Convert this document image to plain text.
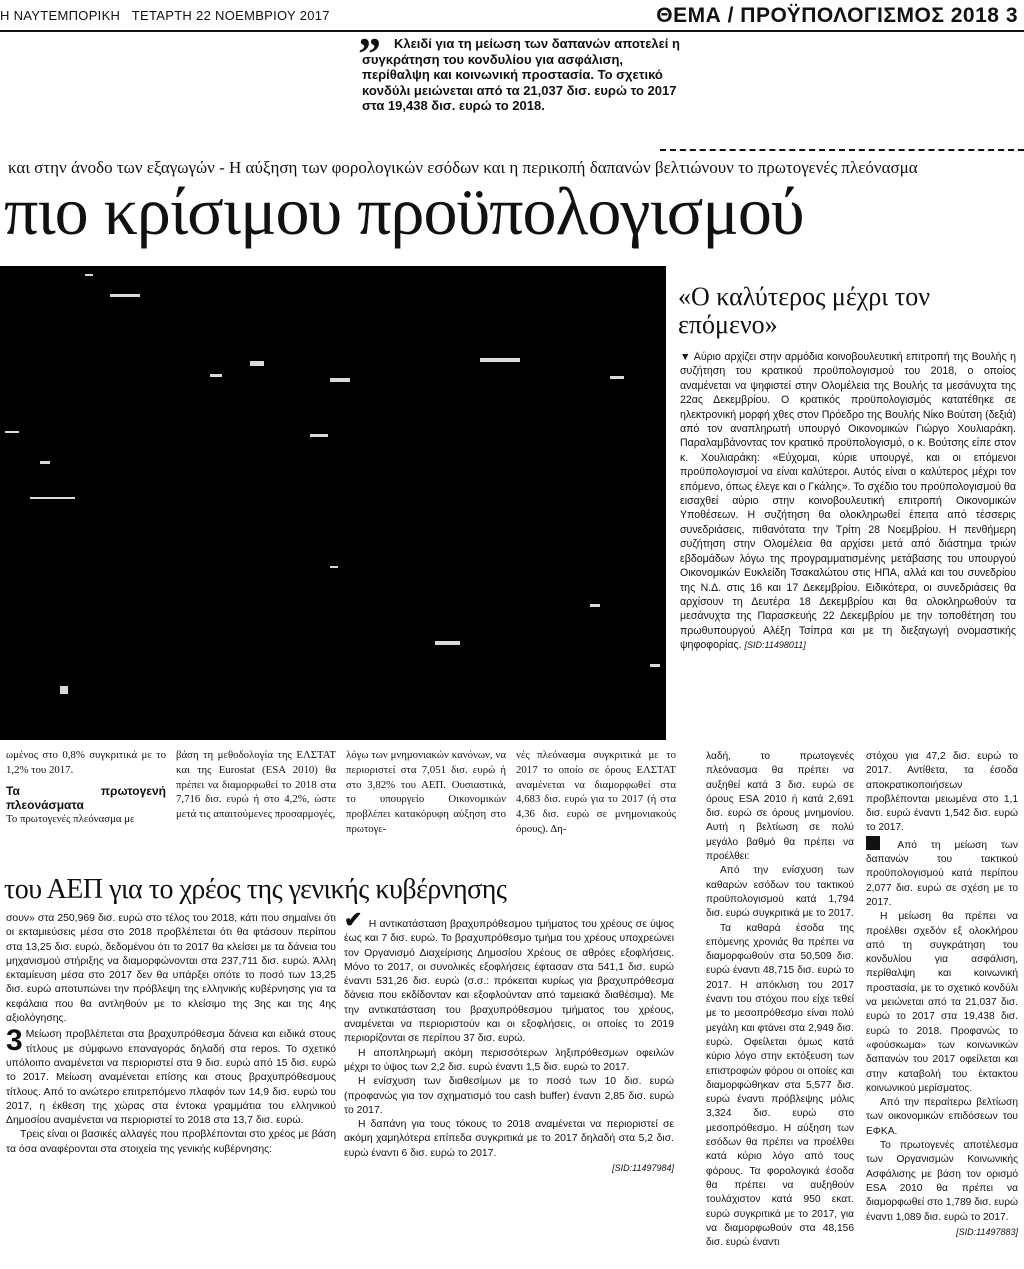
Η ΝΑΥΤΕΜΠΟΡΙΚΗ ΤΕΤΑΡΤΗ 22 ΝΟΕΜΒΡΙΟΥ 2017	ΘΕΜΑ / ΠΡΟΫΠΟΛΟΓΙΣΜΟΣ 2018 3
”	Κλειδί για τη μείωση των δαπανών αποτελεί η συγκράτηση του κονδυλίου για ασφάλιση, περίθαλψη και κοινωνική προστασία. Το σχετικό κονδύλι μειώνεται από τα 21,037 δισ. ευρώ το 2017 στα 19,438 δισ. ευρώ το 2018.
και στην άνοδο των εξαγωγών - Η αύξηση των φορολογικών εσόδων και η περικοπή δαπανών βελτιώνουν το πρωτογενές πλεόνασμα
πιο κρίσιμου προϋπολογισμού
«Ο καλύτερος μέχρι τον επόμενο»
▼ Αύριο αρχίζει στην αρμόδια κοινοβουλευτική επιτροπή της Βουλής η συζήτηση του κρατικού προϋπολογισμού του 2018, ο οποίος αναμένεται να ψηφιστεί στην Ολομέλεια της Βουλής τα μεσάνυχτα της 22ας Δεκεμβρίου. Ο κρατικός προϋπολογισμός κατατέθηκε σε ηλεκτρονική μορφή χθες στον Πρόεδρο της Βουλής Νίκο Βούτση (δεξιά) από τον αναπληρωτή υπουργό Οικονομικών Γιώργο Χουλιαράκη. Παραλαμβάνοντας τον κρατικό προϋπολογισμό, ο κ. Βούτσης είπε στον κ. Χουλιαράκη: «Εύχομαι, κύριε υπουργέ, και οι επόμενοι προϋπολογισμοί να είναι καλύτεροι. Αυτός είναι ο καλύτερος μέχρι τον επόμενο, όπως έλεγε και ο Γκάλης». Το σχέδιο του προϋπολογισμού θα εισαχθεί αύριο στην κοινοβουλευτική επιτροπή Οικονομικών Υποθέσεων. Η συζήτηση θα ολοκληρωθεί έπειτα από τέσσερις συνεδριάσεις, πιθανότατα την Τρίτη 28 Νοεμβρίου. Η πενθήμερη συζήτηση στην Ολομέλεια θα αρχίσει μετά από διάστημα τριών εβδομάδων λόγω της προγραμματισμένης μετάβασης του υπουργού Οικονομικών Ευκλείδη Τσακαλώτου στις ΗΠΑ, αλλά και του συνεδρίου της Ν.Δ. στις 16 και 17 Δεκεμβρίου. Ειδικότερα, οι συνεδριάσεις θα αρχίσουν τη Δευτέρα 18 Δεκεμβρίου και θα ολοκληρωθούν τα μεσάνυχτα της Παρασκευής 22 Δεκεμβρίου με την τοποθέτηση του πρωθυπουργού Αλέξη Τσίπρα και με τη διεξαγωγή ονομαστικής ψηφοφορίας. [SID:11498011]
ωμένος στο 0,8% συγκριτικά με το 1,2% του 2017.
Τα πρωτογενή πλεονάσματα
Το πρωτογενές πλεόνασμα με
βάση τη μεθοδολογία της ΕΛΣΤΑΤ και της Eurostat (ESA 2010) θα πρέπει να διαμορφωθεί το 2018 στα 7,716 δισ. ευρώ ή στο 4,2%, ώστε μετά τις απαιτούμενες προσαρμογές,
λόγω των μνημονιακών κανόνων, να περιοριστεί στα 7,051 δισ. ευρώ ή στο 3,82% του ΑΕΠ. Ουσιαστικά, το υπουργείο Οικονομικών προβλέπει κατακόρυφη αύξηση στο πρωτογε-
νές πλεόνασμα συγκριτικά με το 2017 το οποίο σε όρους ΕΛΣΤΑΤ αναμένεται να διαμορφωθεί στα 4,683 δισ. ευρώ για το 2017 (ή στα 4,36 δισ. ευρώ σε μνημονιακούς όρους). Δη-
του ΑΕΠ για το χρέος της γενικής κυβέρνησης

σουν» στα 250,969 δισ. ευρώ στο τέλος του 2018, κάτι που σημαίνει ότι οι εκταμιεύσεις μέσα στο 2018 προβλέπεται ότι θα φτάσουν περίπου στα 13,25 δισ. ευρώ, δεδομένου ότι το 2017 θα κλείσει με τα δάνεια του μηχανισμού στήριξης να διαμορφώνονται στα 237,711 δισ. ευρώ. Άλλη εκταμίευση μέσα στο 2017 δεν θα υπάρξει οπότε το ποσό των 13,25 δισ. ευρώ αποτυπώνει την πρόβλεψη της ελληνικής κυβέρνησης για τα κεφάλαια που θα αντληθούν με το κλείσιμο της 3ης και της 4ης αξιολόγησης.

3 Μείωση προβλέπεται στα βραχυπρόθεσμα δάνεια και ειδικά στους τίτλους με σύμφωνο επαναγοράς δηλαδή στα repos. Το σχετικό υπόλοιπο αναμένεται να περιοριστεί στα 9 δισ. ευρώ από 15 δισ. ευρώ το 2017. Μείωση αναμένεται επίσης και στους βραχυπρόθεσμους τίτλους. Από το ανώτερο επιτρεπόμενο πλαφόν των 14,9 δισ. ευρώ του 2017, η έκθεση της χώρας στα έντοκα γραμμάτια του ελληνικού Δημοσίου αναμένεται να περιοριστεί το 2018 στα 13,7 δισ. ευρώ.

Τρεις είναι οι βασικές αλλαγές που προβλέπονται στο χρέος με βάση τα όσα αναφέρονται στα στοιχεία της γενικής κυβέρνησης:

✔ Η αντικατάσταση βραχυπρόθεσμου τμήματος του χρέους σε ύψος έως και 7 δισ. ευρώ. Το βραχυπρόθεσμο τμήμα του χρέους υποχρεώνει τον Οργανισμό Διαχείρισης Δημοσίου Χρέους σε αθρόες εξοφλήσεις. Μόνο το 2017, οι συνολικές εξοφλήσεις έφτασαν στα 541,1 δισ. ευρώ έναντι 531,26 δισ. ευρώ (σ.σ.: πρόκειται κυρίως για βραχυπρόθεσμα δάνεια που εκδίδονταν και εξοφλούνταν από ταμειακά διαθέσιμα). Με την αντικατάσταση του βραχυπρόθεσμου τμήματος του χρέους, αναμένεται να περιοριστούν και οι εξοφλήσεις, οι οποίες το 2019 περιορίζονται σε περίπου 37 δισ. ευρώ.

Η αποπληρωμή ακόμη περισσότερων ληξιπρόθεσμων οφειλών μέχρι το ύψος των 2,2 δισ. ευρώ έναντι 1,5 δισ. ευρώ το 2017.

Η ενίσχυση των διαθεσίμων με το ποσό των 10 δισ. ευρώ (προφανώς για τον σχηματισμό του cash buffer) έναντι 2,85 δισ. ευρώ το 2017.

Η δαπάνη για τους τόκους το 2018 αναμένεται να περιοριστεί σε ακόμη χαμηλότερα επίπεδα συγκριτικά με το 2017 δηλαδή στα 5,2 δισ. ευρώ έναντι 6 δισ. ευρώ το 2017.

[SID:11497984]

λαδή, το πρωτογενές πλεόνασμα θα πρέπει να αυξηθεί κατά 3 δισ. ευρώ σε όρους ESA 2010 ή κατά 2,691 δισ. ευρώ σε όρους μνημονίου. Αυτή η βελτίωση σε πολύ μεγάλο βαθμό θα πρέπει να προέλθει:

Από την ενίσχυση των καθαρών εσόδων του τακτικού προϋπολογισμού κατά 1,794 δισ. ευρώ συγκριτικά με το 2017.

Τα καθαρά έσοδα της επόμενης χρονιάς θα πρέπει να διαμορφωθούν στα 50,509 δισ. ευρώ έναντι 48,715 δισ. ευρώ το 2017. Η απόκλιση του 2017 έναντι του στόχου που είχε τεθεί με το μεσοπρόθεσμο είναι πολύ μεγάλη και φτάνει στα 2,949 δισ. ευρώ. Οφείλεται όμως κατά κύριο λόγο στην εκτόξευση των επιστροφών φόρου οι οποίες και διαμορφώθηκαν στα 5,577 δισ. ευρώ έναντι πρόβλεψης μόλις 3,324 δισ. ευρώ στο μεσοπρόθεσμο. Η αύξηση των εσόδων θα πρέπει να προέλθει κατά κύριο λόγο από τους φόρους. Τα φορολογικά έσοδα θα πρέπει να αυξηθούν τουλάχιστον κατά 950 εκατ. ευρώ συγκριτικά με το 2017, για να διαμορφωθούν στα 48,156 δισ. ευρώ έναντι

στόχου για 47,2 δισ. ευρώ το 2017. Αντίθετα, τα έσοδα αποκρατικοποιήσεων προβλέπονται μειωμένα στο 1,1 δισ. ευρώ έναντι 1,542 δισ. ευρώ το 2017.

Από τη μείωση των δαπανών του τακτικού προϋπολογισμού κατά περίπου 2,077 δισ. ευρώ σε σχέση με το 2017.

Η μείωση θα πρέπει να προέλθει σχεδόν εξ ολοκλήρου από τη συγκράτηση του κονδυλίου για ασφάλιση, περίθαλψη και κοινωνική προστασία, με το σχετικό κονδύλι να μειώνεται από τα 21,037 δισ. ευρώ το 2017 στα 19,438 δισ. ευρώ το 2018. Προφανώς το «φούσκωμα» των κοινωνικών δαπανών του 2017 οφείλεται και στην καταβολή του έκτακτου κοινωνικού μερίσματος.

Από την περαίτερω βελτίωση των οικονομικών επιδόσεων του ΕΦΚΑ.

Το πρωτογενές αποτέλεσμα των Οργανισμών Κοινωνικής Ασφάλισης με βάση τον ορισμό ESA 2010 θα πρέπει να διαμορφωθεί στο 1,789 δισ. ευρώ έναντι 1,089 δισ. ευρώ το 2017.

[SID:11497883]
